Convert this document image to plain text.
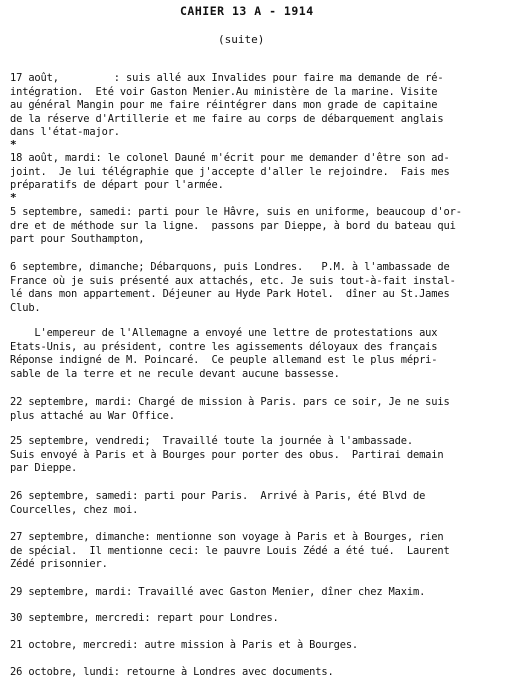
CAHIER 13 A - 1914
(suite)
17 août,         : suis allé aux Invalides pour faire ma demande de ré-
intégration.  Eté voir Gaston Menier.Au ministère de la marine. Visite
au général Mangin pour me faire réintégrer dans mon grade de capitaine
de la réserve d'Artillerie et me faire au corps de débarquement anglais
dans l'état-major.
*
18 août, mardi: le colonel Dauné m'écrit pour me demander d'être son ad-
joint.  Je lui télégraphie que j'accepte d'aller le rejoindre.  Fais mes
préparatifs de départ pour l'armée.
*
5 septembre, samedi: parti pour le Hâvre, suis en uniforme, beaucoup d'or-
dre et de méthode sur la ligne.  passons par Dieppe, à bord du bateau qui
part pour Southampton,
6 septembre, dimanche; Débarquons, puis Londres.   P.M. à l'ambassade de
France où je suis présenté aux attachés, etc. Je suis tout-à-fait instal-
lé dans mon appartement. Déjeuner au Hyde Park Hotel.  dîner au St.James
Club.
L'empereur de l'Allemagne a envoyé une lettre de protestations aux
Etats-Unis, au président, contre les agissements déloyaux des français
Réponse indigné de M. Poincaré.  Ce peuple allemand est le plus mépri-
sable de la terre et ne recule devant aucune bassesse.
22 septembre, mardi: Chargé de mission à Paris. pars ce soir, Je ne suis
plus attaché au War Office.
25 septembre, vendredi;  Travaillé toute la journée à l'ambassade.
Suis envoyé à Paris et à Bourges pour porter des obus.  Partirai demain
par Dieppe.
26 septembre, samedi: parti pour Paris.  Arrivé à Paris, été Blvd de
Courcelles, chez moi.
27 septembre, dimanche: mentionne son voyage à Paris et à Bourges, rien
de spécial.  Il mentionne ceci: le pauvre Louis Zédé a été tué.  Laurent
Zédé prisonnier.
29 septembre, mardi: Travaillé avec Gaston Menier, dîner chez Maxim.
30 septembre, mercredi: repart pour Londres.
21 octobre, mercredi: autre mission à Paris et à Bourges.
26 octobre, lundi: retourne à Londres avec documents.
